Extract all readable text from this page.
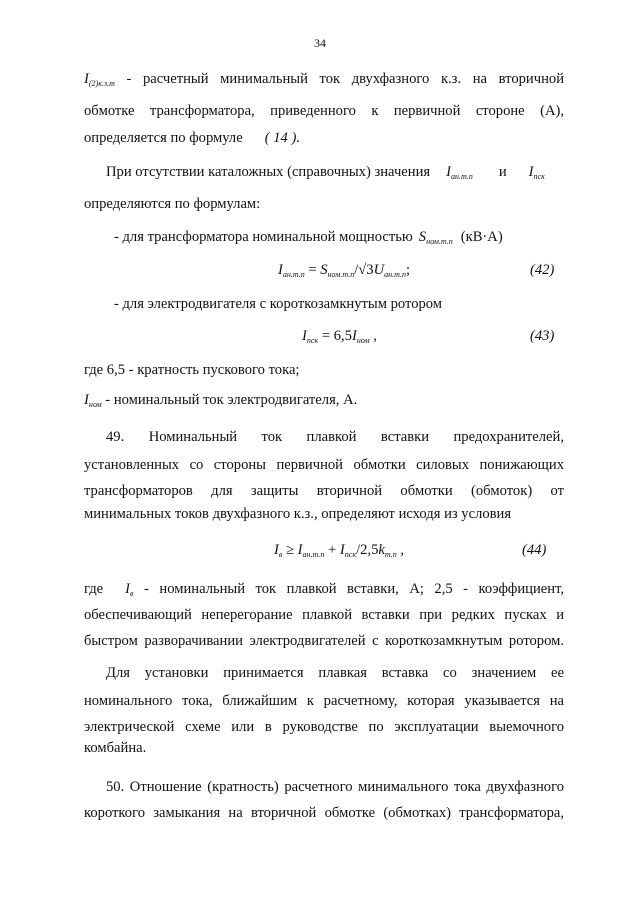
34
$I_{(2)к.з.т}$ - расчетный минимальный ток двухфазного к.з. на вторичной
обмотке трансформатора, приведенного к первичной стороне (А),
определяется по формуле ( 14 ).
При отсутствии каталожных (справочных) значения $I_{ан.т.п}$ и $I_{пск}$
определяются по формулам:
- для трансформатора номинальной мощностью $S_{ном.т.п}$ (кВ·А)
$I_{ан.т.п} = S_{ном.т.п}/√3U_{ан.т.п}$;	(42)
- для электродвигателя с короткозамкнутым ротором
$I_{пск} = 6,5I_{ном}$ ,	(43)
где 6,5 - кратность пускового тока;
$I_{ном}$ - номинальный ток электродвигателя, А.
49. Номинальный ток плавкой вставки предохранителей,
установленных со стороны первичной обмотки силовых понижающих
трансформаторов для защиты вторичной обмотки (обмоток) от
минимальных токов двухфазного к.з., определяют исходя из условия
$I_в \ge I_{ан.т.п} + I_{пск}/2,5k_{т.п}$ ,	(44)
где $I_в$ - номинальный ток плавкой вставки, А; 2,5 - коэффициент,
обеспечивающий неперегорание плавкой вставки при редких пусках и
быстром разворачивании электродвигателей с короткозамкнутым ротором.
Для установки принимается плавкая вставка со значением ее
номинального тока, ближайшим к расчетному, которая указывается на
электрической схеме или в руководстве по эксплуатации выемочного
комбайна.
50. Отношение (кратность) расчетного минимального тока двухфазного
короткого замыкания на вторичной обмотке (обмотках) трансформатора,
